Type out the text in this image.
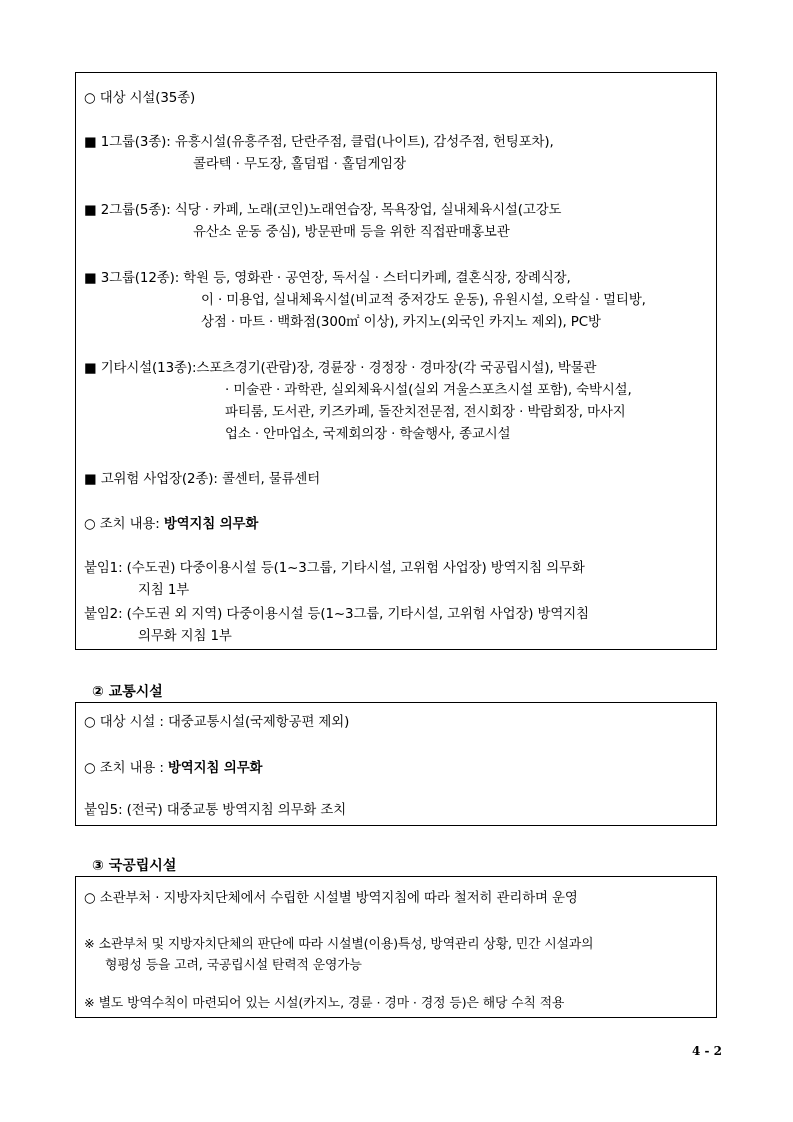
○ 대상 시설(35종)
■ 1그룹(3종): 유흥시설(유흥주점, 단란주점, 클럽(나이트), 감성주점, 헌팅포차),
콜라텍 · 무도장, 홀덤펍 · 홀덤게임장
■ 2그룹(5종): 식당 · 카페, 노래(코인)노래연습장, 목욕장업, 실내체육시설(고강도
유산소 운동 중심), 방문판매 등을 위한 직접판매홍보관
■ 3그룹(12종): 학원 등, 영화관 · 공연장, 독서실 · 스터디카페, 결혼식장, 장례식장,
이 · 미용업, 실내체육시설(비교적 중저강도 운동), 유원시설, 오락실 · 멀티방,
상점 · 마트 · 백화점(300㎡ 이상), 카지노(외국인 카지노 제외), PC방
■ 기타시설(13종):스포츠경기(관람)장, 경륜장 · 경정장 · 경마장(각 국공립시설), 박물관
· 미술관 · 과학관, 실외체육시설(실외 겨울스포츠시설 포함), 숙박시설,
파티룸, 도서관, 키즈카페, 돌잔치전문점, 전시회장 · 박람회장, 마사지
업소 · 안마업소, 국제회의장 · 학술행사, 종교시설
■ 고위험 사업장(2종): 콜센터, 물류센터
○ 조치 내용: 방역지침 의무화
붙임1: (수도권) 다중이용시설 등(1~3그룹, 기타시설, 고위험 사업장) 방역지침 의무화
지침 1부
붙임2: (수도권 외 지역) 다중이용시설 등(1~3그룹, 기타시설, 고위험 사업장) 방역지침
의무화 지침 1부
② 교통시설
○ 대상 시설 : 대중교통시설(국제항공편 제외)
○ 조치 내용 : 방역지침 의무화
붙임5: (전국) 대중교통 방역지침 의무화 조치
③ 국공립시설
○ 소관부처 · 지방자치단체에서 수립한 시설별 방역지침에 따라 철저히 관리하며 운영
※ 소관부처 및 지방자치단체의 판단에 따라 시설별(이용)특성, 방역관리 상황, 민간 시설과의
형평성 등을 고려, 국공립시설 탄력적 운영가능
※ 별도 방역수칙이 마련되어 있는 시설(카지노, 경륜 · 경마 · 경정 등)은 해당 수칙 적용
4 - 2
